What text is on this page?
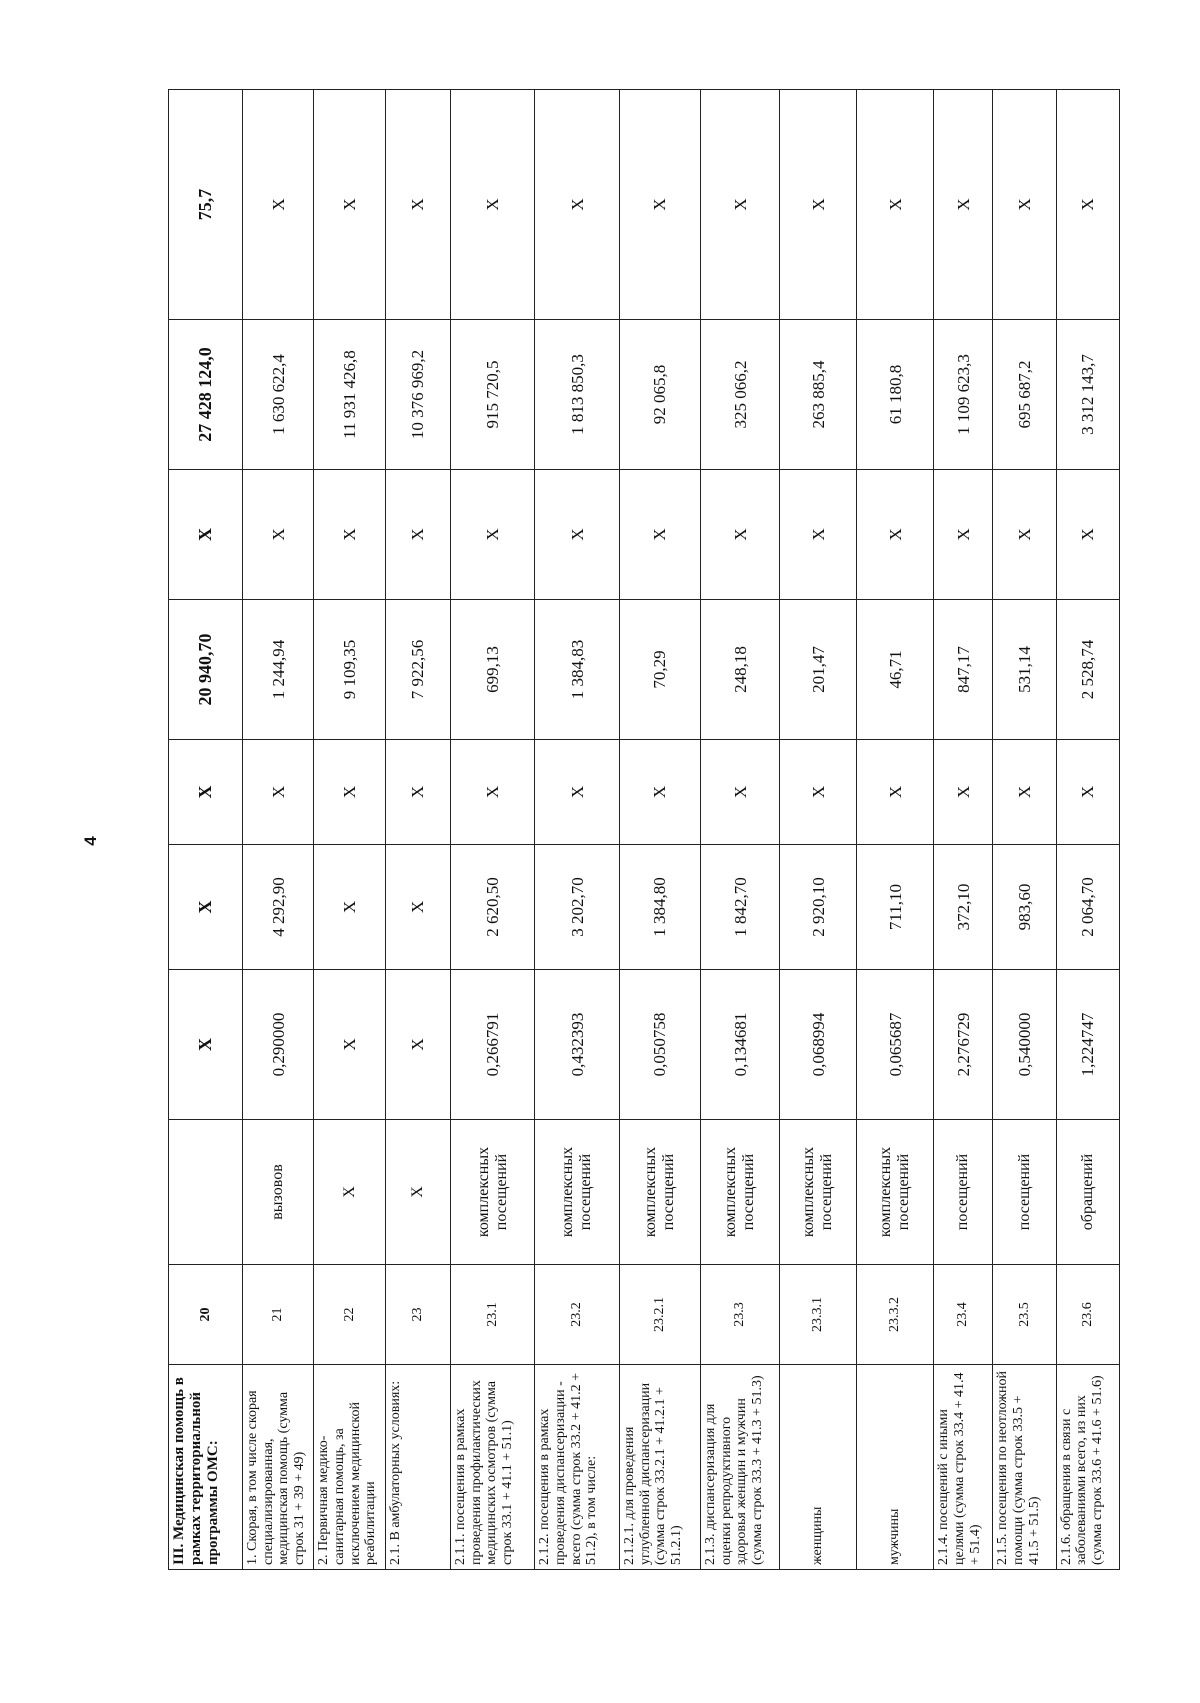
4
III. Медицинская помощь в рамках территориальной программы ОМС:	20		X	X	X	20 940,70	X	27 428 124,0	75,7
1. Скорая, в том числе скорая специализированная, медицинская помощь (сумма строк 31 + 39 + 49)	21	вызовов	0,290000	4 292,90	X	1 244,94	X	1 630 622,4	X
2. Первичная медико-санитарная помощь, за исключением медицинской реабилитации	22	X	X	X	X	9 109,35	X	11 931 426,8	X
2.1. В амбулаторных условиях:	23	X	X	X	X	7 922,56	X	10 376 969,2	X
2.1.1. посещения в рамках проведения профилактических медицинских осмотров (сумма строк 33.1 + 41.1 + 51.1)	23.1	комплексных посещений	0,266791	2 620,50	X	699,13	X	915 720,5	X
2.1.2. посещения в рамках проведения диспансеризации - всего (сумма строк 33.2 + 41.2 + 51.2), в том числе:	23.2	комплексных посещений	0,432393	3 202,70	X	1 384,83	X	1 813 850,3	X
2.1.2.1. для проведения углубленной диспансеризации (сумма строк 33.2.1 + 41.2.1 + 51.2.1)	23.2.1	комплексных посещений	0,050758	1 384,80	X	70,29	X	92 065,8	X
2.1.3. диспансеризация для оценки репродуктивного здоровья женщин и мужчин (сумма строк 33.3 + 41.3 + 51.3)	23.3	комплексных посещений	0,134681	1 842,70	X	248,18	X	325 066,2	X
женщины	23.3.1	комплексных посещений	0,068994	2 920,10	X	201,47	X	263 885,4	X
мужчины	23.3.2	комплексных посещений	0,065687	711,10	X	46,71	X	61 180,8	X
2.1.4. посещений с иными целями (сумма строк 33.4 + 41.4 + 51.4)	23.4	посещений	2,276729	372,10	X	847,17	X	1 109 623,3	X
2.1.5. посещения по неотложной помощи (сумма строк 33.5 + 41.5 + 51.5)	23.5	посещений	0,540000	983,60	X	531,14	X	695 687,2	X
2.1.6. обращения в связи с заболеваниями всего, из них (сумма строк 33.6 + 41.6 + 51.6)	23.6	обращений	1,224747	2 064,70	X	2 528,74	X	3 312 143,7	X
